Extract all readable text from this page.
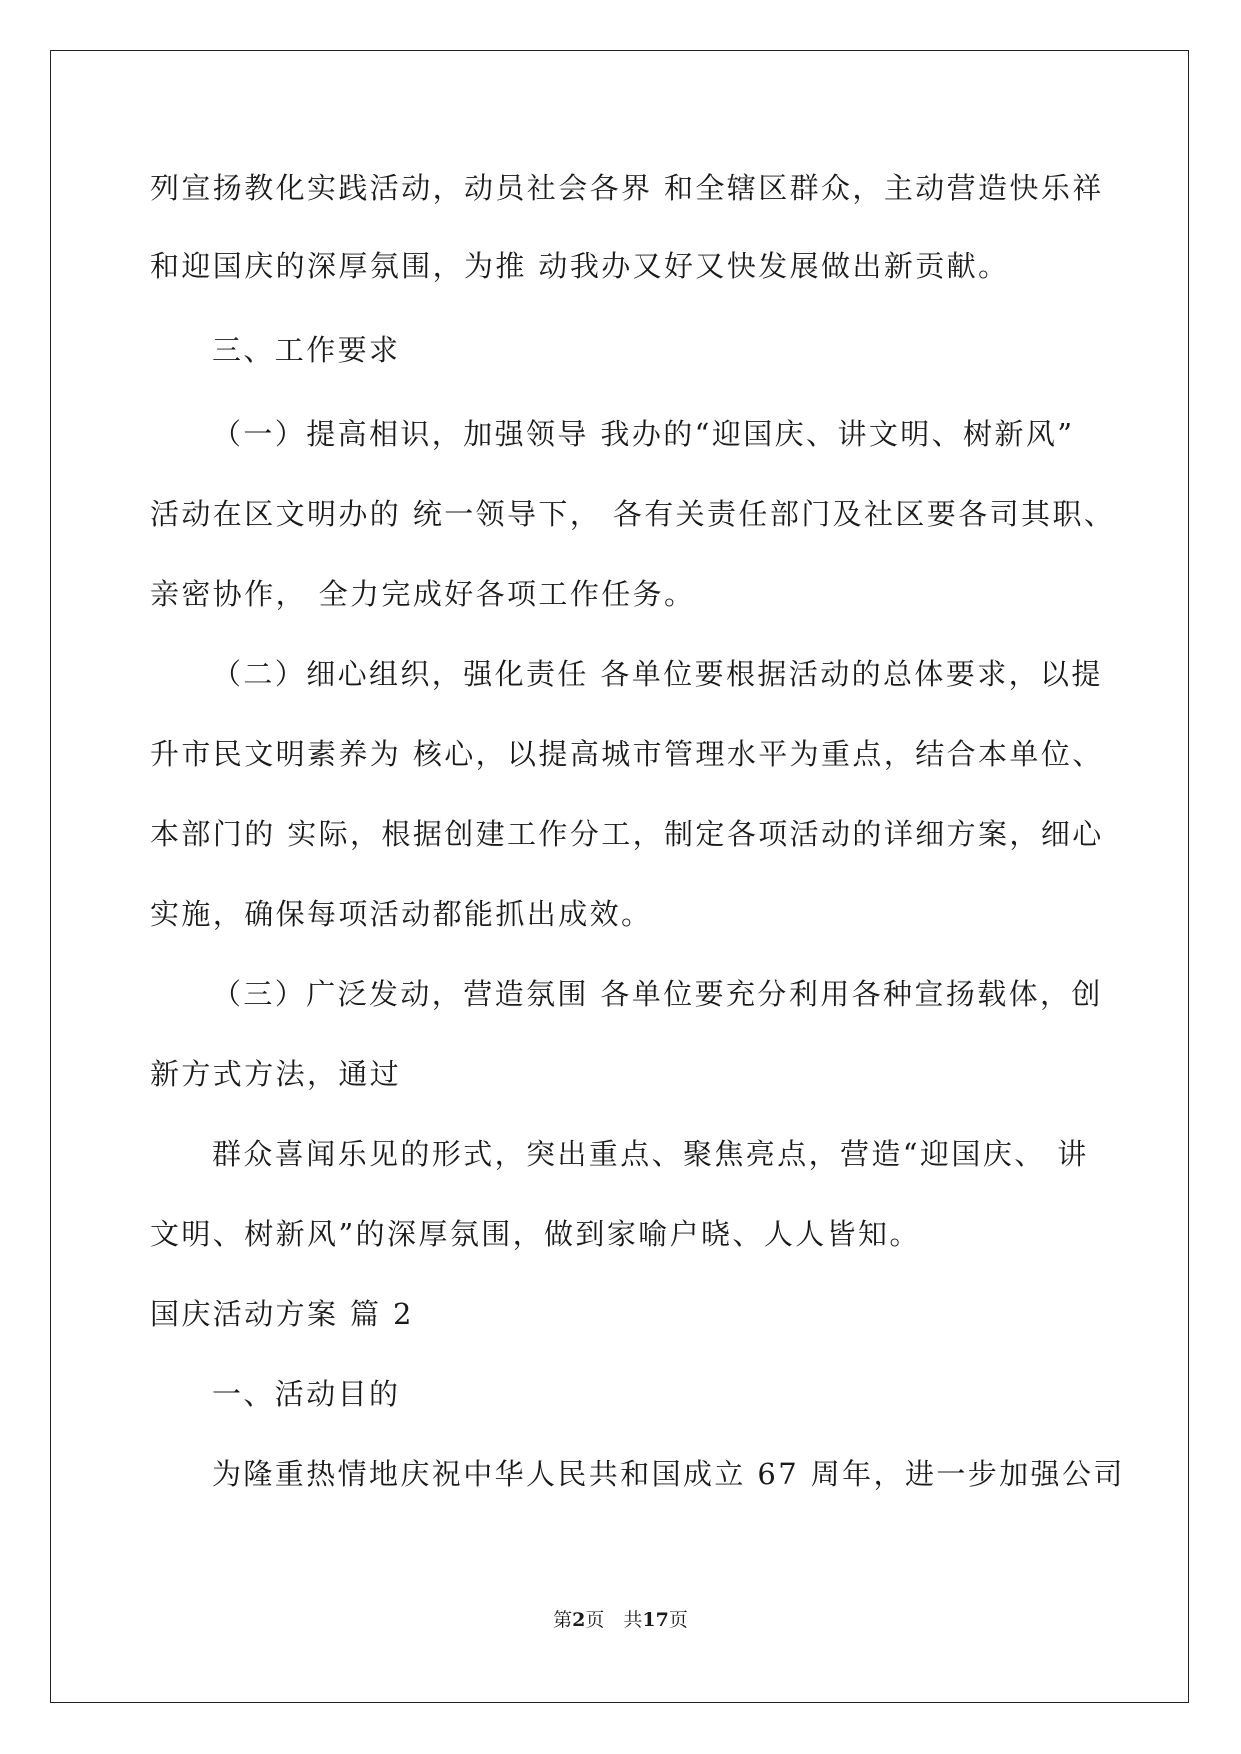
列宣扬教化实践活动，动员社会各界 和全辖区群众，主动营造快乐祥
和迎国庆的深厚氛围，为推 动我办又好又快发展做出新贡献。
三、工作要求
（一）提高相识，加强领导 我办的“迎国庆、讲文明、树新风”
活动在区文明办的 统一领导下， 各有关责任部门及社区要各司其职、
亲密协作， 全力完成好各项工作任务。
（二）细心组织，强化责任 各单位要根据活动的总体要求，以提
升市民文明素养为 核心，以提高城市管理水平为重点，结合本单位、
本部门的 实际，根据创建工作分工，制定各项活动的详细方案，细心
实施，确保每项活动都能抓出成效。
（三）广泛发动，营造氛围 各单位要充分利用各种宣扬载体，创
新方式方法，通过
群众喜闻乐见的形式，突出重点、聚焦亮点，营造“迎国庆、 讲
文明、树新风”的深厚氛围，做到家喻户晓、人人皆知。
国庆活动方案 篇 2
一、活动目的
为隆重热情地庆祝中华人民共和国成立 67 周年，进一步加强公司
第2页　共17页
